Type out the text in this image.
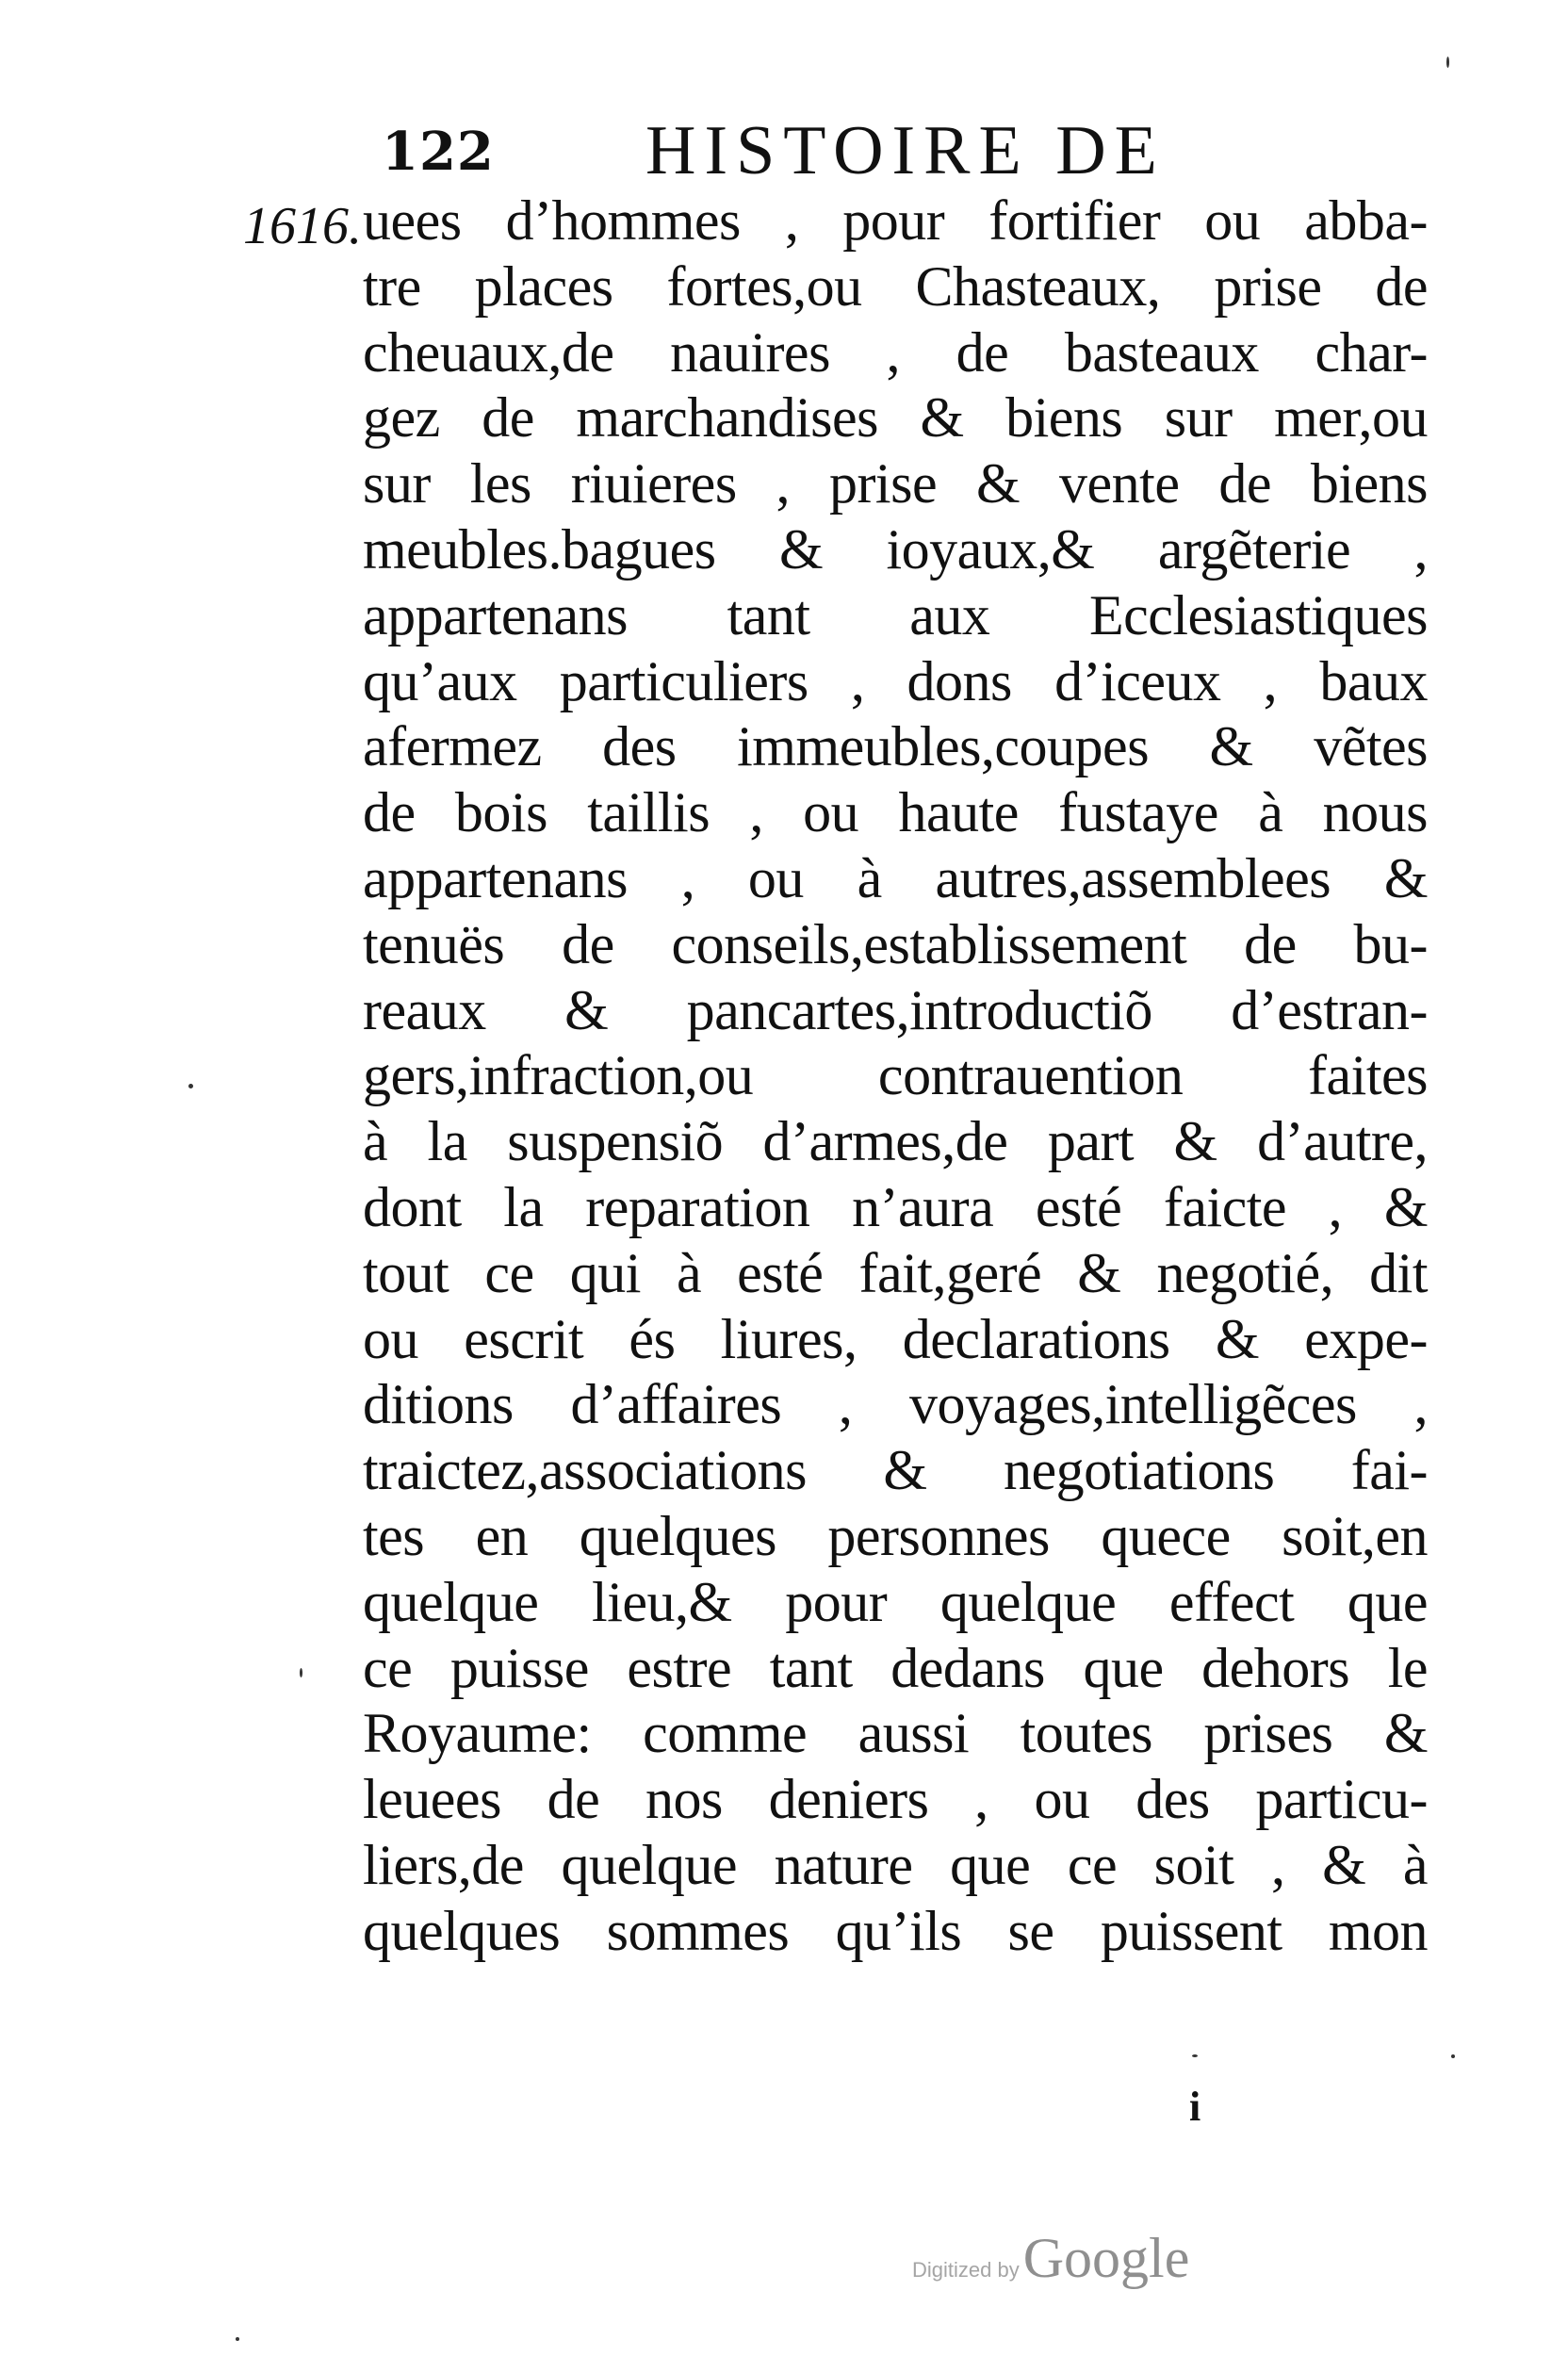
122 HISTOIRE DE
1616. uees d’hommes , pour fortifier ou abba-
tre places fortes,ou Chasteaux, prise de
cheuaux,de nauires , de basteaux char-
gez de marchandises & biens sur mer,ou
sur les riuieres , prise & vente de biens
meubles.bagues & ioyaux,& argẽterie ,
appartenans tant aux Ecclesiastiques
qu’aux particuliers , dons d’iceux , baux
afermez des immeubles,coupes & vẽtes
de bois taillis , ou haute fustaye à nous
appartenans , ou à autres,assemblees &
tenuës de conseils,establissement de bu-
reaux & pancartes,introductiõ d’estran-
gers,infraction,ou contrauention faites
à la suspensiõ d’armes,de part & d’autre,
dont la reparation n’aura esté faicte , &
tout ce qui à esté fait,geré & negotié, dit
ou escrit és liures, declarations & expe-
ditions d’affaires , voyages,intelligẽces ,
traictez,associations & negotiations fai-
tes en quelques personnes quece soit,en
quelque lieu,& pour quelque effect que
ce puisse estre tant dedans que dehors le
Royaume: comme aussi toutes prises &
leuees de nos deniers , ou des particu-
liers,de quelque nature que ce soit , & à
quelques sommes qu’ils se puissent mon
i
Digitized by Google
